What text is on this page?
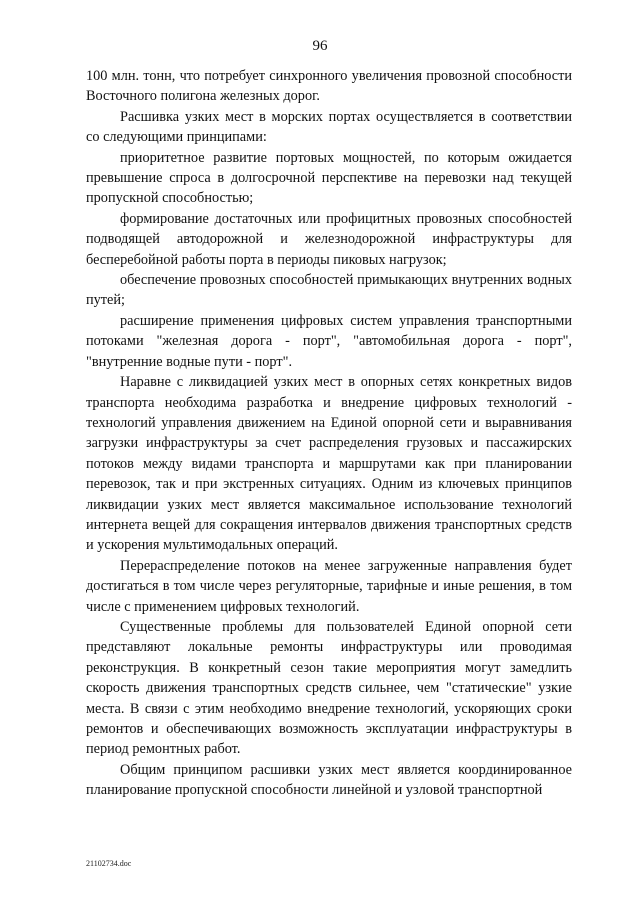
96

100 млн. тонн, что потребует синхронного увеличения провозной способности Восточного полигона железных дорог.

Расшивка узких мест в морских портах осуществляется в соответствии со следующими принципами:

приоритетное развитие портовых мощностей, по которым ожидается превышение спроса в долгосрочной перспективе на перевозки над текущей пропускной способностью;

формирование достаточных или профицитных провозных способностей подводящей автодорожной и железнодорожной инфраструктуры для бесперебойной работы порта в периоды пиковых нагрузок;

обеспечение провозных способностей примыкающих внутренних водных путей;

расширение применения цифровых систем управления транспортными потоками "железная дорога - порт", "автомобильная дорога - порт", "внутренние водные пути - порт".

Наравне с ликвидацией узких мест в опорных сетях конкретных видов транспорта необходима разработка и внедрение цифровых технологий - технологий управления движением на Единой опорной сети и выравнивания загрузки инфраструктуры за счет распределения грузовых и пассажирских потоков между видами транспорта и маршрутами как при планировании перевозок, так и при экстренных ситуациях. Одним из ключевых принципов ликвидации узких мест является максимальное использование технологий интернета вещей для сокращения интервалов движения транспортных средств и ускорения мультимодальных операций.

Перераспределение потоков на менее загруженные направления будет достигаться в том числе через регуляторные, тарифные и иные решения, в том числе с применением цифровых технологий.

Существенные проблемы для пользователей Единой опорной сети представляют локальные ремонты инфраструктуры или проводимая реконструкция. В конкретный сезон такие мероприятия могут замедлить скорость движения транспортных средств сильнее, чем "статические" узкие места. В связи с этим необходимо внедрение технологий, ускоряющих сроки ремонтов и обеспечивающих возможность эксплуатации инфраструктуры в период ремонтных работ.

Общим принципом расшивки узких мест является координированное планирование пропускной способности линейной и узловой транспортной

21102734.doc
